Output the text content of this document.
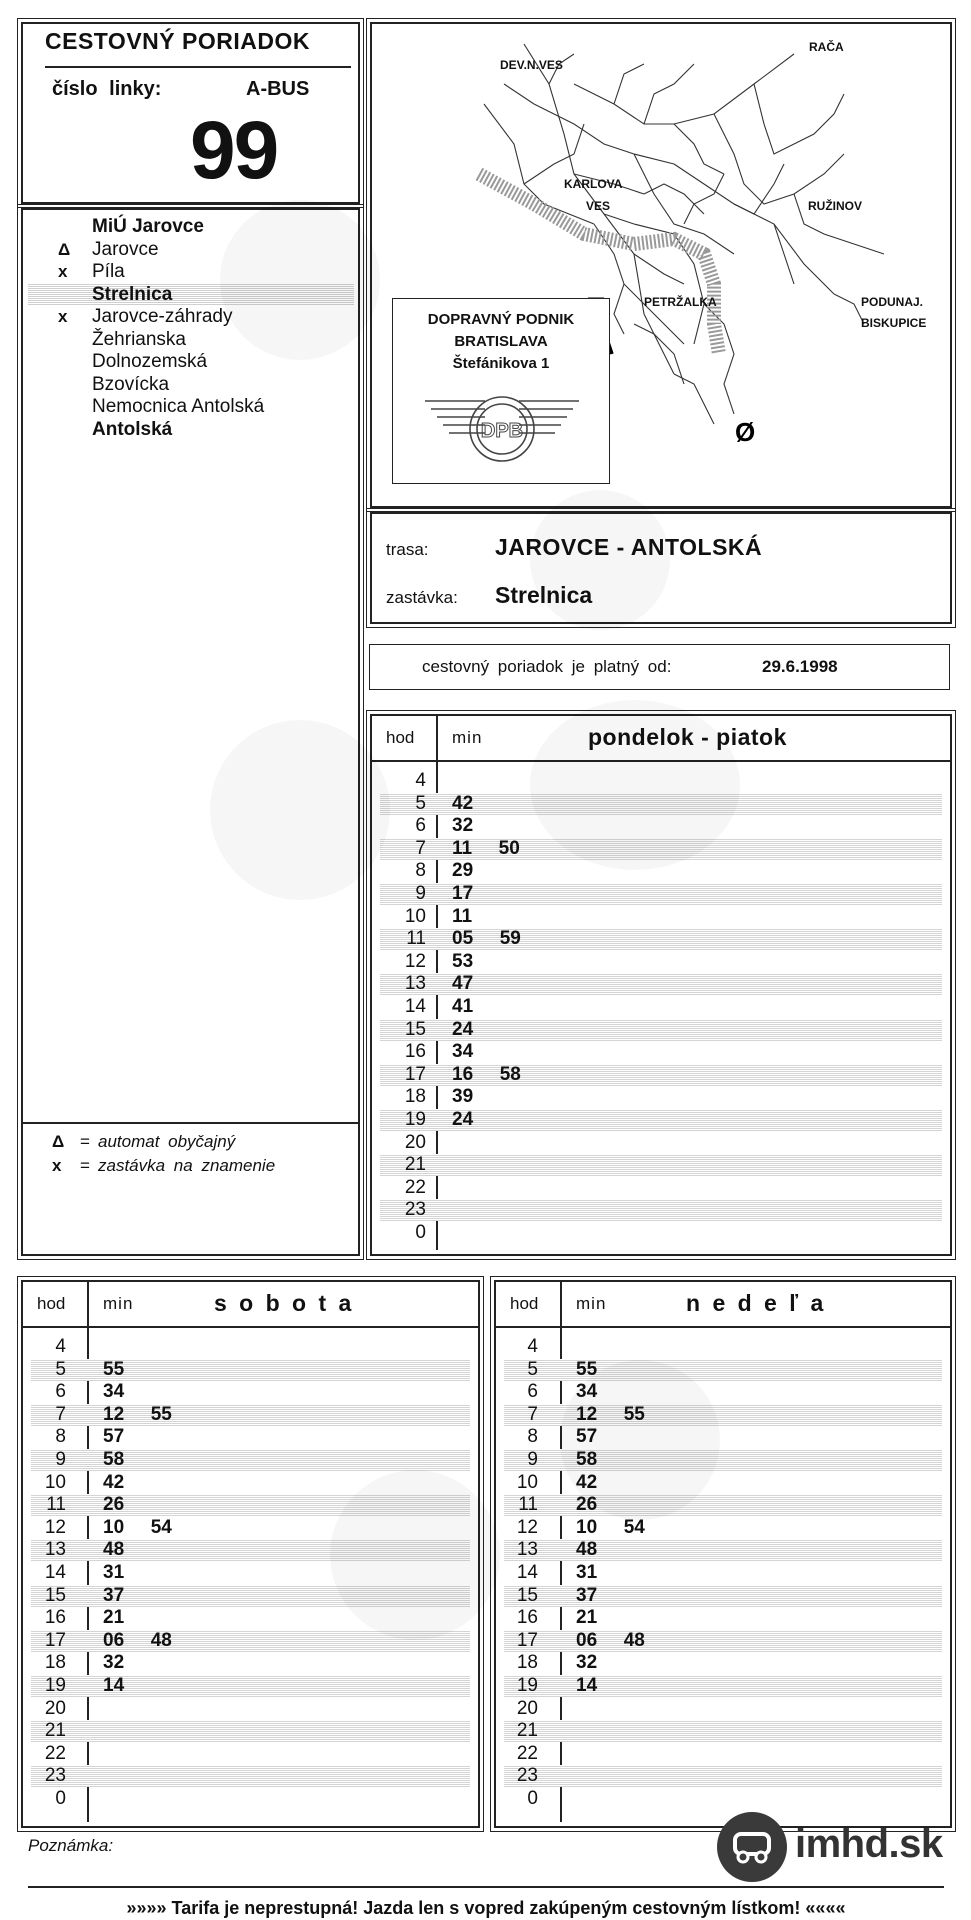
CESTOVNÝ PORIADOK
číslo linky:	A-BUS
99
MiÚ Jarovce
Δ	Jarovce
x	Píla
Strelnica
x	Jarovce-záhrady
Žehrianska
Dolnozemská
Bzovícka
Nemocnica Antolská
Antolská
Δ = automat obyčajný
x = zastávka na znamenie
DEV.N.VES
RAČA
KARLOVA
VES	RUŽINOV
PETRŽALKA	PODUNAJ.
BISKUPICE
Ø
DOPRAVNÝ PODNIK
BRATISLAVA
Štefánikova 1
DPB
trasa:	JAROVCE - ANTOLSKÁ
zastávka: Strelnica
cestovný poriadok je platný od:	29.6.1998
hod min	pondelok - piatok
4
5 42
6 32
7 11  50
8 29
9 17
10 11
11 05  59
12 53
13 47
14 41
15 24
16 34
17 16  58
18 39
19 24
20
21
22
23
0
hod min	s o b o t a
4
5 55
6 34
7 12  55
8 57
9 58
10 42
11 26
12 10  54
13 48
14 31
15 37
16 21
17 06  48
18 32
19 14
20
21
22
23
0
hod min	n e d e ľ a
4
5 55
6 34
7 12  55
8 57
9 58
10 42
11 26
12 10  54
13 48
14 31
15 37
16 21
17 06  48
18 32
19 14
20
21
22
23
0
Poznámka:	imhd.sk
»»»» Tarifa je neprestupná! Jazda len s vopred zakúpeným cestovným lístkom! ««««
